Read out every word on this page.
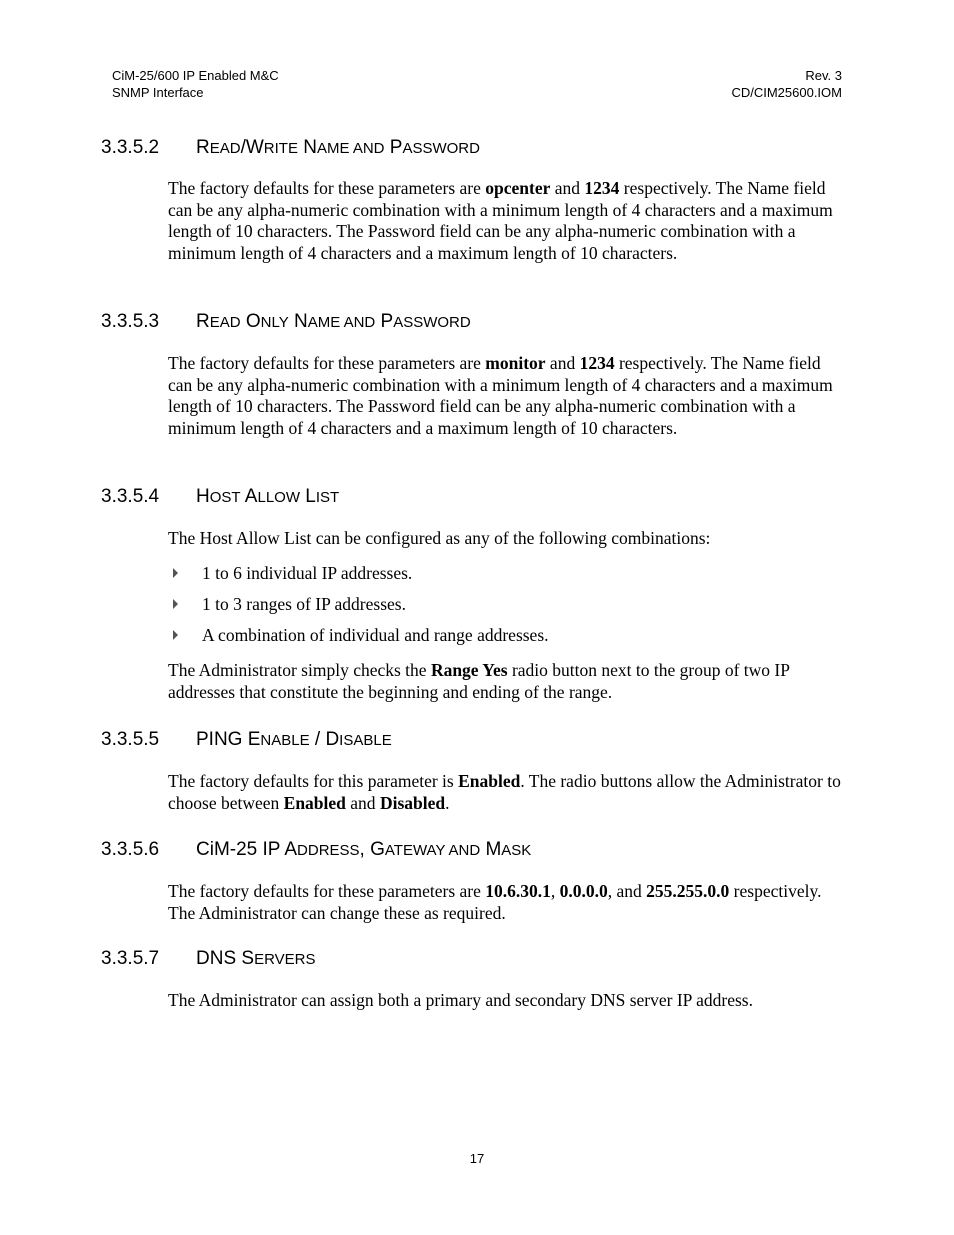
CiM-25/600 IP Enabled M&C
SNMP Interface
Rev. 3
CD/CIM25600.IOM
3.3.5.2 READ/WRITE NAME AND PASSWORD
The factory defaults for these parameters are opcenter and 1234 respectively. The Name field can be any alpha-numeric combination with a minimum length of 4 characters and a maximum length of 10 characters. The Password field can be any alpha-numeric combination with a minimum length of 4 characters and a maximum length of 10 characters.
3.3.5.3 READ ONLY NAME AND PASSWORD
The factory defaults for these parameters are monitor and 1234 respectively. The Name field can be any alpha-numeric combination with a minimum length of 4 characters and a maximum length of 10 characters. The Password field can be any alpha-numeric combination with a minimum length of 4 characters and a maximum length of 10 characters.
3.3.5.4 HOST ALLOW LIST
The Host Allow List can be configured as any of the following combinations:
1 to 6 individual IP addresses.
1 to 3 ranges of IP addresses.
A combination of individual and range addresses.
The Administrator simply checks the Range Yes radio button next to the group of two IP addresses that constitute the beginning and ending of the range.
3.3.5.5 PING ENABLE / DISABLE
The factory defaults for this parameter is Enabled. The radio buttons allow the Administrator to choose between Enabled and Disabled.
3.3.5.6 CiM-25 IP ADDRESS, GATEWAY AND MASK
The factory defaults for these parameters are 10.6.30.1, 0.0.0.0, and 255.255.0.0 respectively. The Administrator can change these as required.
3.3.5.7 DNS SERVERS
The Administrator can assign both a primary and secondary DNS server IP address.
17
